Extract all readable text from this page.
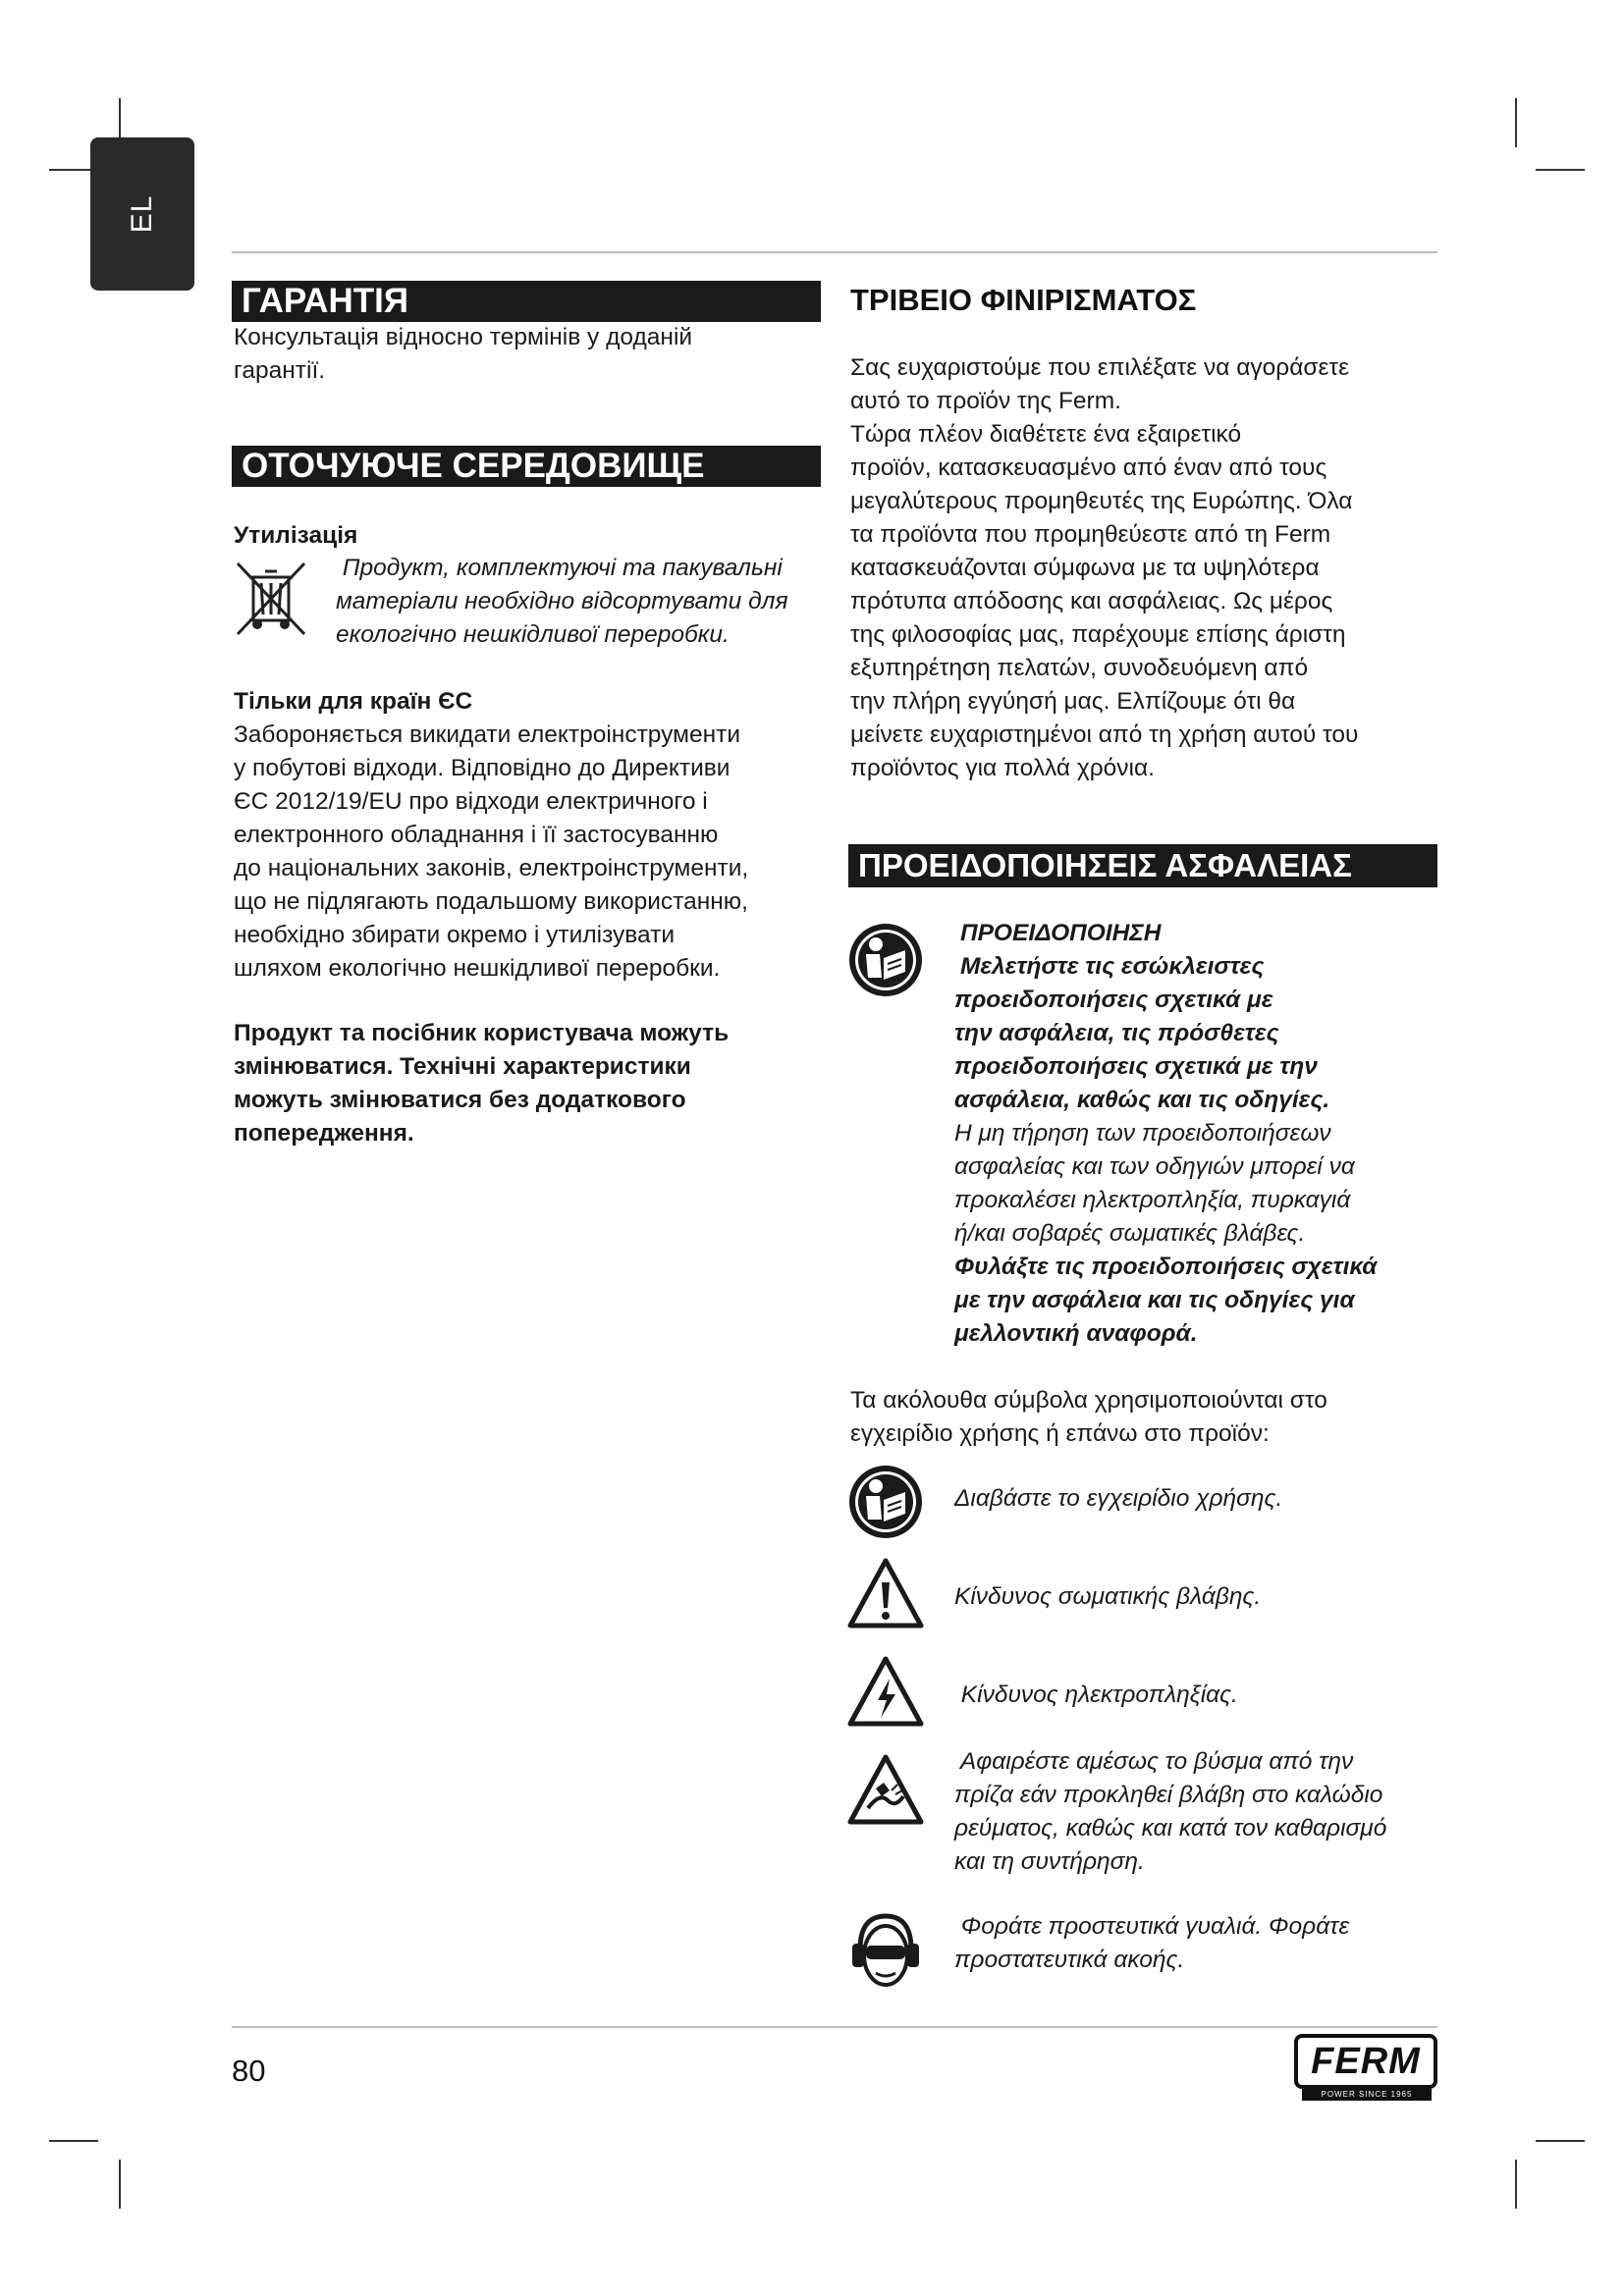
EL
ГАРАНТІЯ
Консультація відносно термінів у доданій
гарантії.
ОТОЧУЮЧЕ СЕРЕДОВИЩЕ
Утилізація
Продукт, комплектуючі та пакувальні
матеріали необхідно відсортувати для
екологічно нешкідливої переробки.
Тільки для країн ЄС
Забороняється викидати електроінструменти
у побутові відходи. Відповідно до Директиви
ЄС 2012/19/EU про відходи електричного і
електронного обладнання і її застосуванню
до національних законів, електроінструменти,
що не підлягають подальшому використанню,
необхідно збирати окремо і утилізувати
шляхом екологічно нешкідливої переробки.
Продукт та посібник користувача можуть
змінюватися. Технічні характеристики
можуть змінюватися без додаткового
попередження.
ΤΡΙΒΕΙΟ ΦΙΝΙΡΙΣΜΑΤΟΣ
Σας ευχαριστούμε που επιλέξατε να αγοράσετε
αυτό το προϊόν της Ferm.
Τώρα πλέον διαθέτετε ένα εξαιρετικό
προϊόν, κατασκευασμένο από έναν από τους
μεγαλύτερους προμηθευτές της Ευρώπης. Όλα
τα προϊόντα που προμηθεύεστε από τη Ferm
κατασκευάζονται σύμφωνα με τα υψηλότερα
πρότυπα απόδοσης και ασφάλειας. Ως μέρος
της φιλοσοφίας μας, παρέχουμε επίσης άριστη
εξυπηρέτηση πελατών, συνοδευόμενη από
την πλήρη εγγύησή μας. Ελπίζουμε ότι θα
μείνετε ευχαριστημένοι από τη χρήση αυτού του
προϊόντος για πολλά χρόνια.
ΠΡΟΕΙΔΟΠΟΙΗΣΕΙΣ ΑΣΦΑΛΕΙΑΣ
ΠΡΟΕΙΔΟΠΟΙΗΣΗ
Μελετήστε τις εσώκλειστες
προειδοποιήσεις σχετικά με
την ασφάλεια, τις πρόσθετες
προειδοποιήσεις σχετικά με την
ασφάλεια, καθώς και τις οδηγίες.
Η μη τήρηση των προειδοποιήσεων
ασφαλείας και των οδηγιών μπορεί να
προκαλέσει ηλεκτροπληξία, πυρκαγιά
ή/και σοβαρές σωματικές βλάβες.
Φυλάξτε τις προειδοποιήσεις σχετικά
με την ασφάλεια και τις οδηγίες για
μελλοντική αναφορά.
Τα ακόλουθα σύμβολα χρησιμοποιούνται στο
εγχειρίδιο χρήσης ή επάνω στο προϊόν:
Διαβάστε το εγχειρίδιο χρήσης.
Κίνδυνος σωματικής βλάβης.
Κίνδυνος ηλεκτροπληξίας.
Αφαιρέστε αμέσως το βύσμα από την
πρίζα εάν προκληθεί βλάβη στο καλώδιο
ρεύματος, καθώς και κατά τον καθαρισμό
και τη συντήρηση.
Φοράτε προστευτικά γυαλιά. Φοράτε
προστατευτικά ακοής.
80	FERM
POWER SINCE 1965
